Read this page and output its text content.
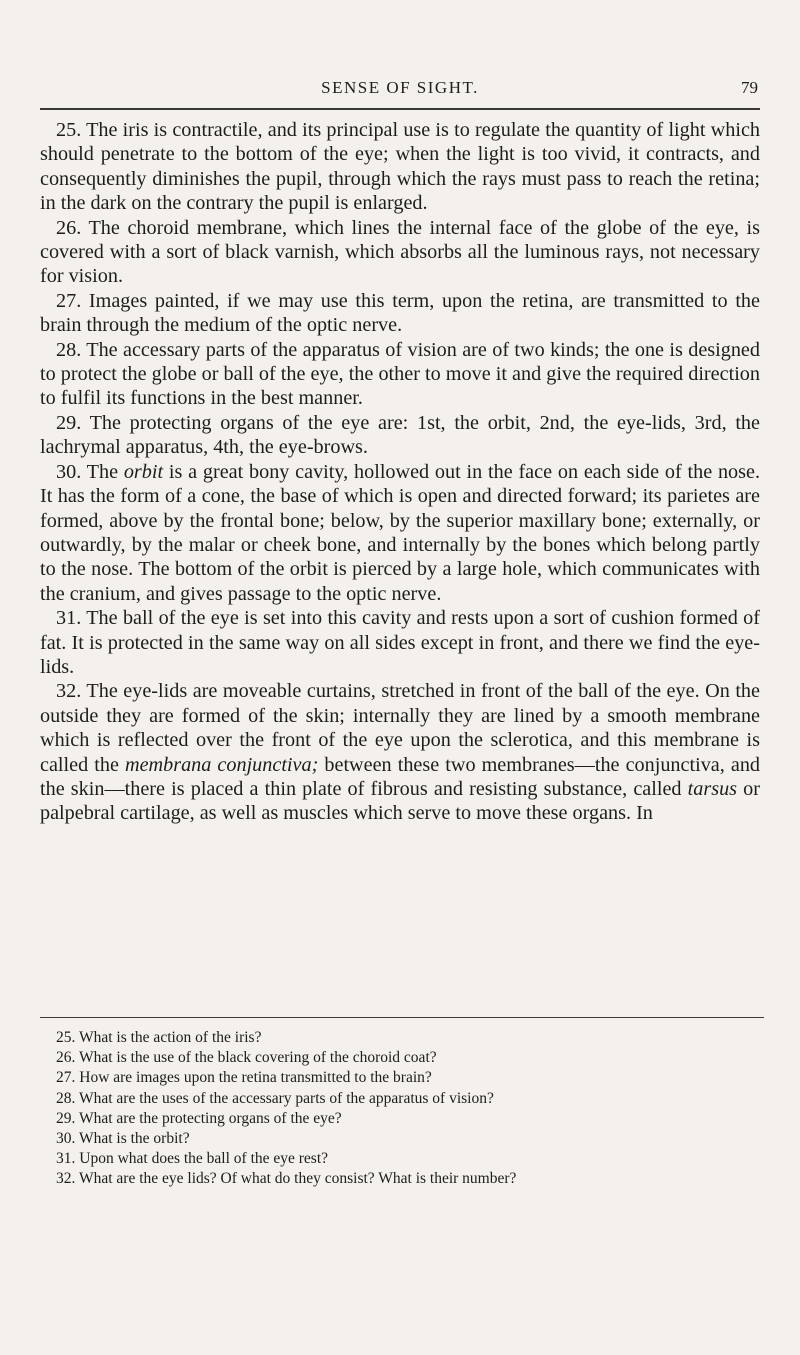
SENSE OF SIGHT.	79

25. The iris is contractile, and its principal use is to regulate the quantity of light which should penetrate to the bottom of the eye; when the light is too vivid, it contracts, and consequently diminishes the pupil, through which the rays must pass to reach the retina; in the dark on the contrary the pupil is enlarged.

26. The choroid membrane, which lines the internal face of the globe of the eye, is covered with a sort of black varnish, which absorbs all the luminous rays, not necessary for vision.

27. Images painted, if we may use this term, upon the retina, are transmitted to the brain through the medium of the optic nerve.

28. The accessary parts of the apparatus of vision are of two kinds; the one is designed to protect the globe or ball of the eye, the other to move it and give the required direction to fulfil its functions in the best manner.

29. The protecting organs of the eye are: 1st, the orbit, 2nd, the eye-lids, 3rd, the lachrymal apparatus, 4th, the eye-brows.

30. The orbit is a great bony cavity, hollowed out in the face on each side of the nose. It has the form of a cone, the base of which is open and directed forward; its parietes are formed, above by the frontal bone; below, by the superior maxillary bone; externally, or outwardly, by the malar or cheek bone, and internally by the bones which belong partly to the nose. The bottom of the orbit is pierced by a large hole, which communicates with the cranium, and gives passage to the optic nerve.

31. The ball of the eye is set into this cavity and rests upon a sort of cushion formed of fat. It is protected in the same way on all sides except in front, and there we find the eye-lids.

32. The eye-lids are moveable curtains, stretched in front of the ball of the eye. On the outside they are formed of the skin; internally they are lined by a smooth membrane which is reflected over the front of the eye upon the sclerotica, and this membrane is called the membrana conjunctiva; between these two membranes—the conjunctiva, and the skin—there is placed a thin plate of fibrous and resisting substance, called tarsus or palpebral cartilage, as well as muscles which serve to move these organs. In

25. What is the action of the iris?

26. What is the use of the black covering of the choroid coat?

27. How are images upon the retina transmitted to the brain?

28. What are the uses of the accessary parts of the apparatus of vision?

29. What are the protecting organs of the eye?

30. What is the orbit?

31. Upon what does the ball of the eye rest?

32. What are the eye lids? Of what do they consist? What is their number?
